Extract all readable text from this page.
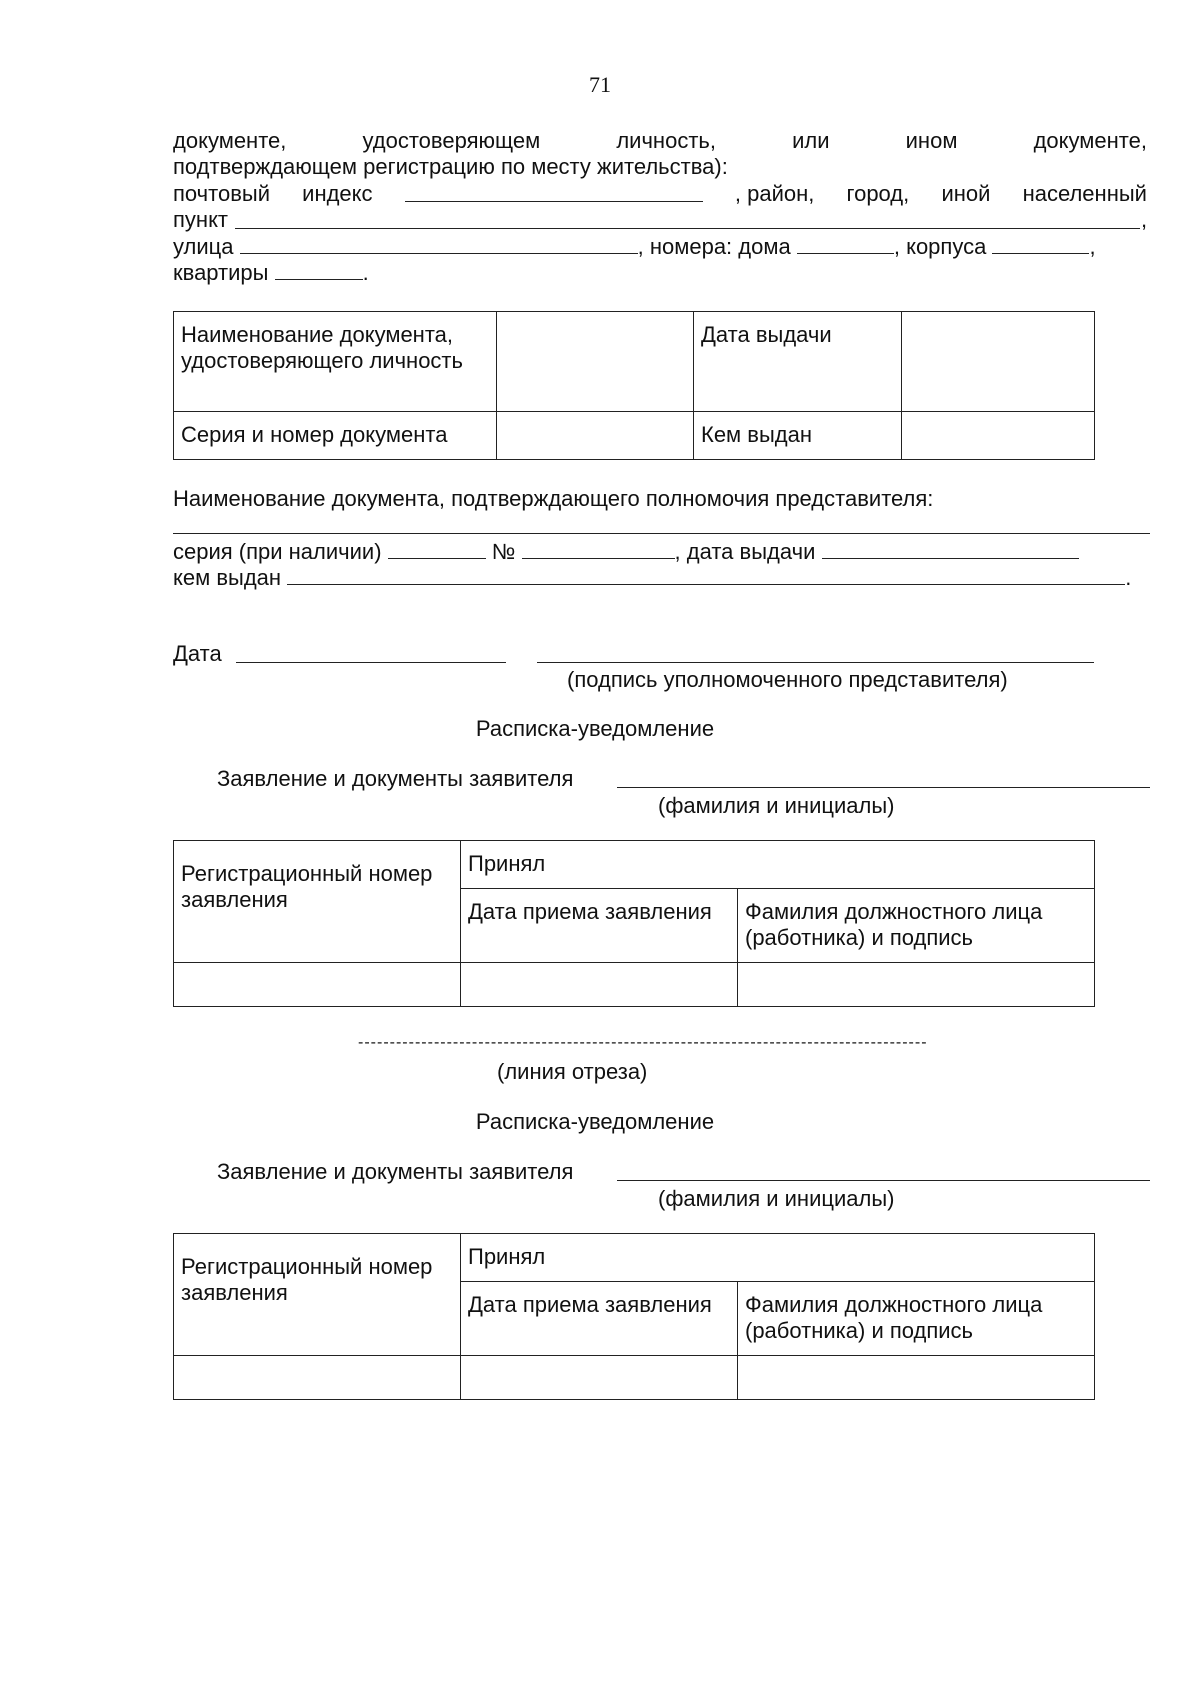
71
документе,	удостоверяющем	личность,	или	ином	документе,
подтверждающем регистрацию по месту жительства):
почтовый индекс	, район, город, иной населенный
пункт	,
улица	, номера: дома	, корпуса	,
квартиры	.
Наименование документа, удостоверяющего личность		Дата выдачи	
Серия и номер документа		Кем выдан	
Наименование документа, подтверждающего полномочия представителя:
серия (при наличии)	№	, дата выдачи
кем выдан	.
Дата
(подпись уполномоченного представителя)
Расписка-уведомление
Заявление и документы заявителя
(фамилия и инициалы)
Регистрационный номер заявления	Принял	
	Дата приема заявления	Фамилия должностного лица (работника) и подпись

------------------------------------------------------------------------------------------
(линия отреза)
Расписка-уведомление
Заявление и документы заявителя
(фамилия и инициалы)
Регистрационный номер заявления	Принял	
	Дата приема заявления	Фамилия должностного лица (работника) и подпись
